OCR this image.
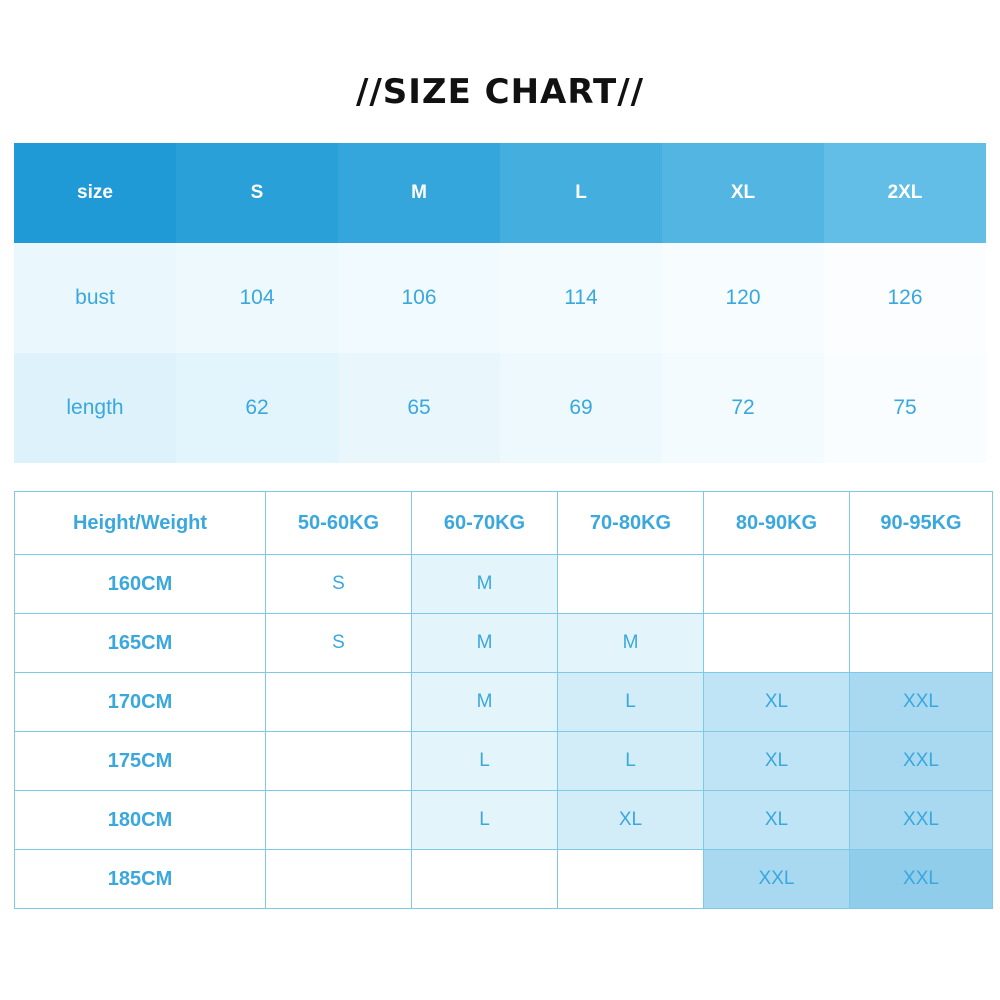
//SIZE CHART//
size	S	M	L	XL	2XL
bust	104	106	114	120	126
length	62	65	69	72	75
Height/Weight	50-60KG	60-70KG	70-80KG	80-90KG	90-95KG
160CM	S	M			
165CM	S	M	M		
170CM		M	L	XL	XXL
175CM		L	L	XL	XXL
180CM		L	XL	XL	XXL
185CM				XXL	XXL
